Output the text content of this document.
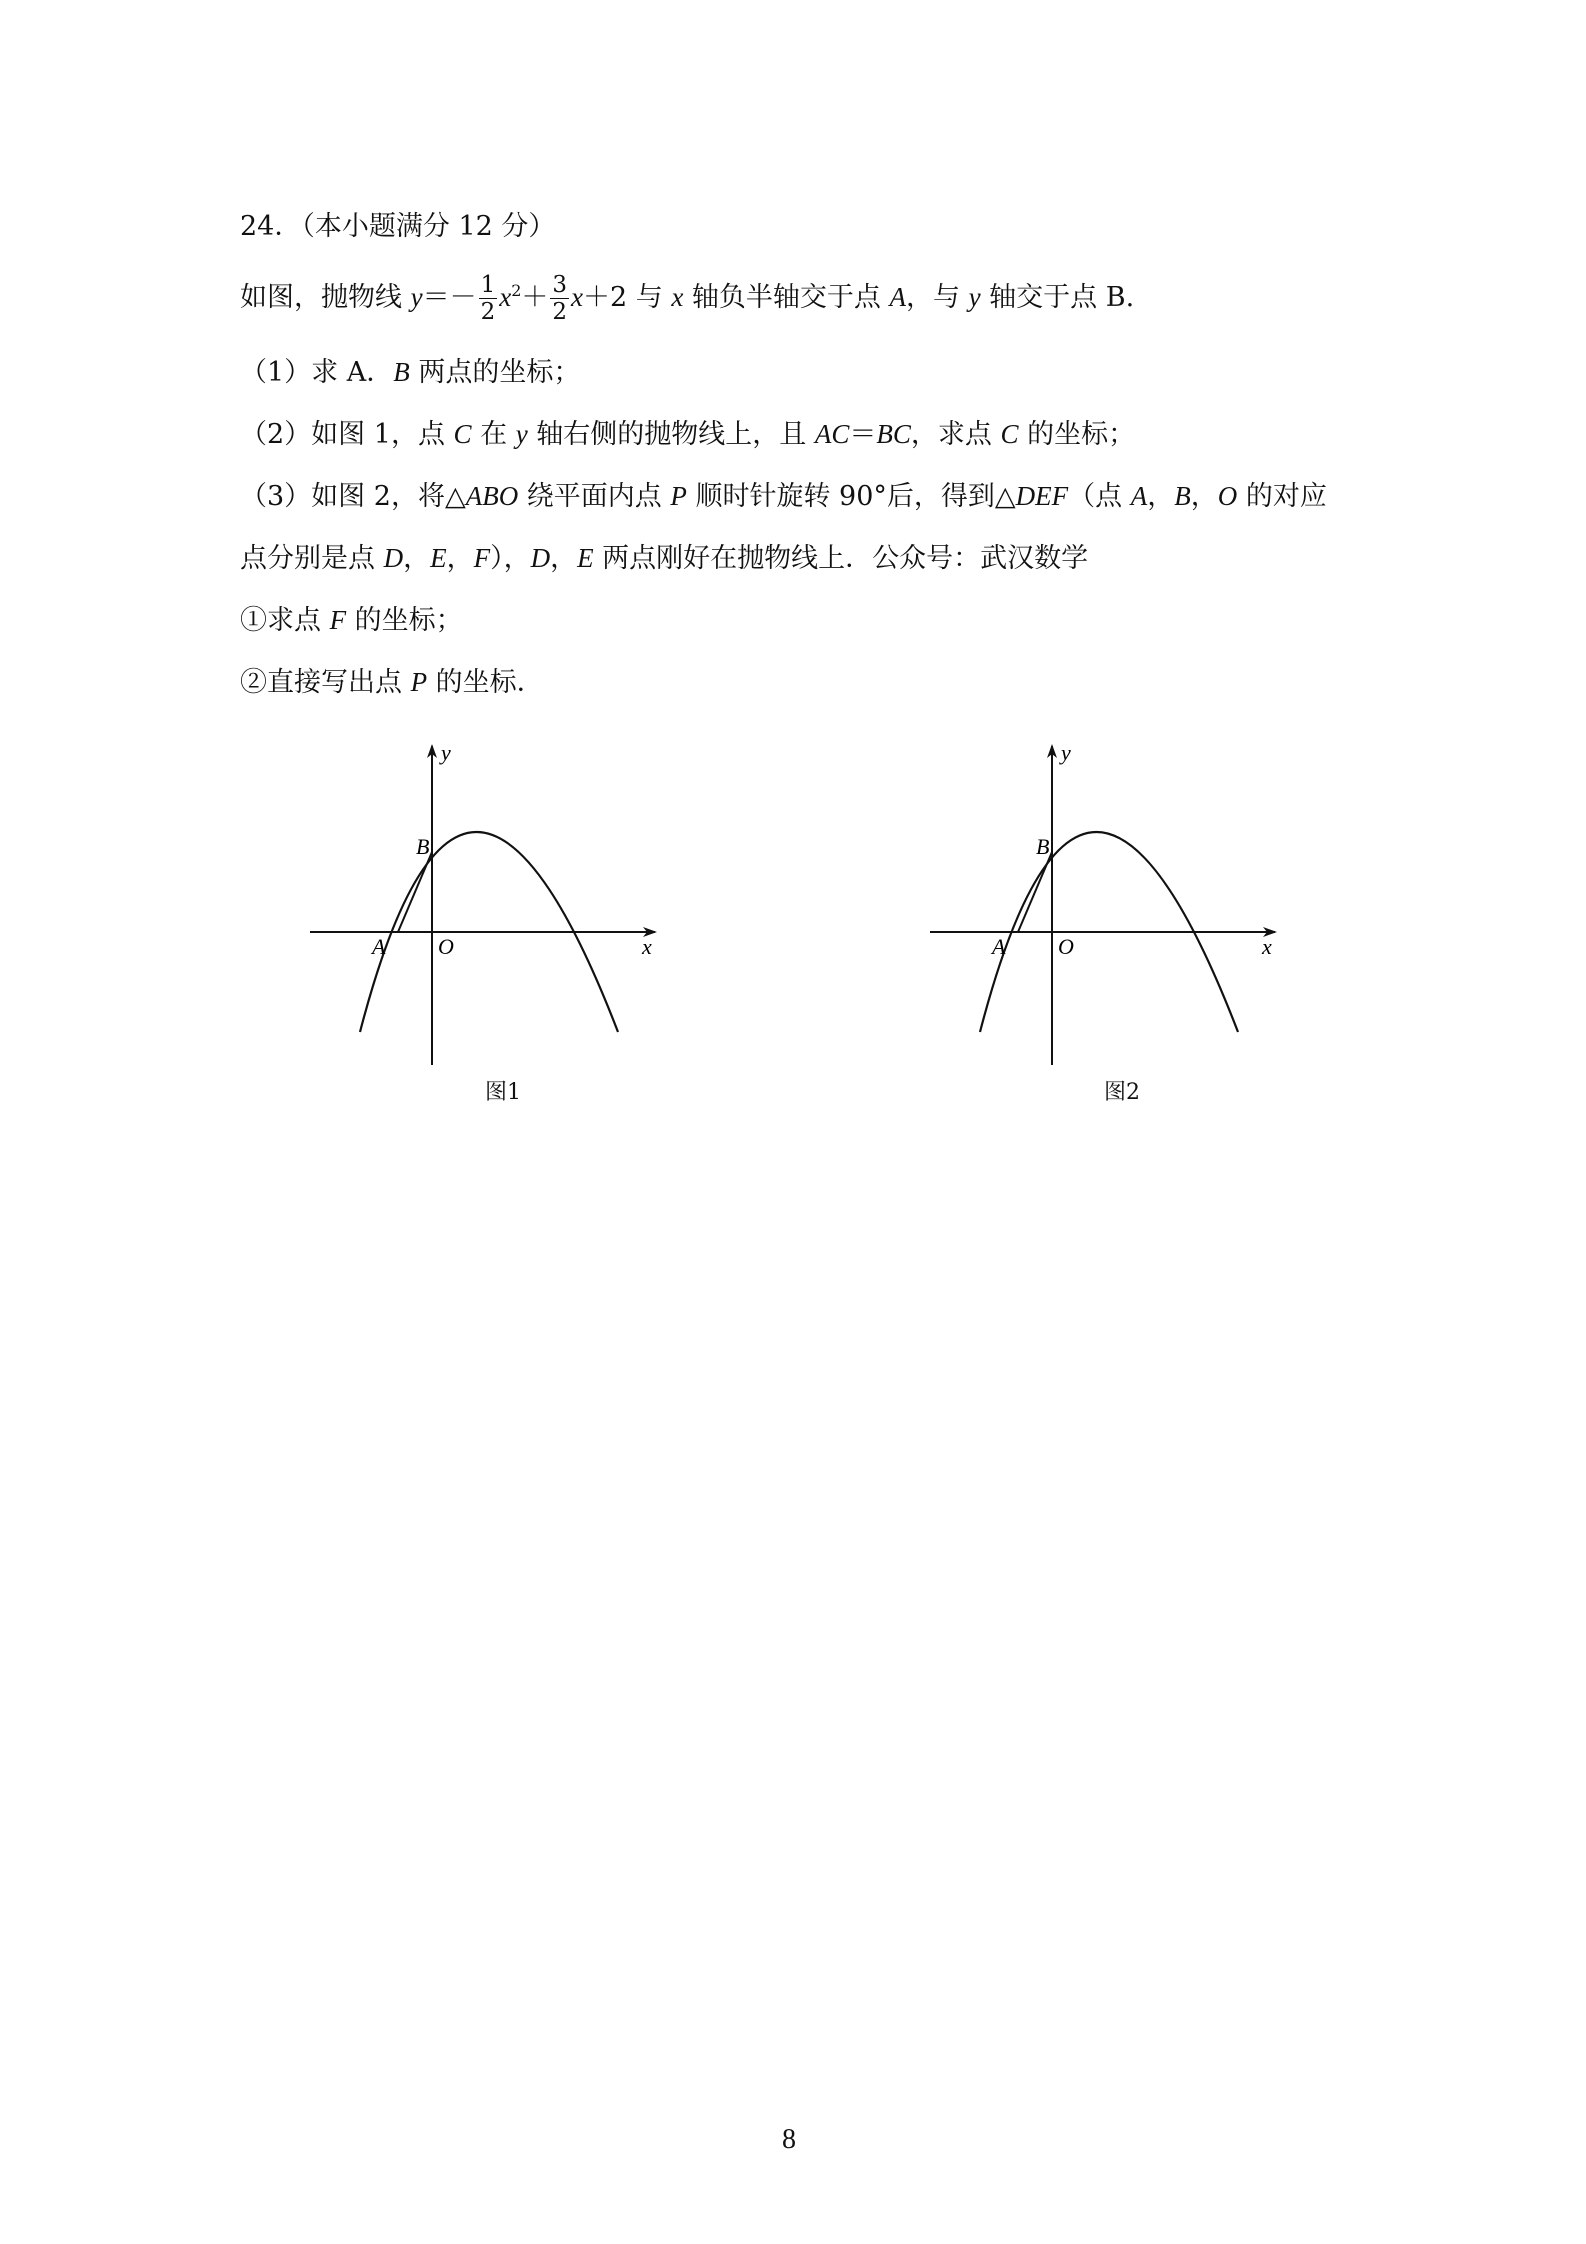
24．（本小题满分 12 分）
如图，抛物线 $y=- \frac{1}{2} x^2+ \frac{3}{2} x+2$ 与 x 轴负半轴交于点 A，与 y 轴交于点 B.
（1）求 A．B 两点的坐标；
（2）如图 1，点 C 在 y 轴右侧的抛物线上，且 AC＝BC，求点 C 的坐标；
（3）如图 2，将△ABO 绕平面内点 P 顺时针旋转 90°后，得到△DEF（点 A，B，O 的对应
点分别是点 D，E，F），D，E 两点刚好在抛物线上．公众号：武汉数学
①求点 F 的坐标；
②直接写出点 P 的坐标．
y
x
B
A O
图1
y
x
B
A O
图2
8
